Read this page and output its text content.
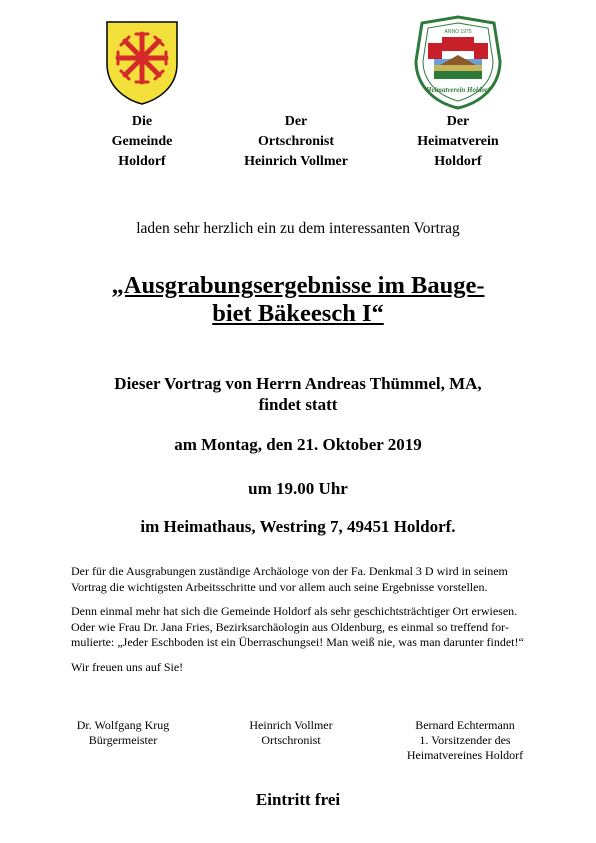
ANNO 1975
Heimatverein Holdorf
Die
Gemeinde
Holdorf
Der
Ortschronist
Heinrich Vollmer
Der
Heimatverein
Holdorf
laden sehr herzlich ein zu dem interessanten Vortrag
„Ausgrabungsergebnisse im Bauge-
biet Bäkeesch I“
Dieser Vortrag von Herrn Andreas Thümmel, MA,
findet statt
am Montag, den 21. Oktober 2019
um 19.00 Uhr
im Heimathaus, Westring 7, 49451 Holdorf.
Der für die Ausgrabungen zuständige Archäologe von der Fa. Denkmal 3 D wird in seinem
Vortrag die wichtigsten Arbeitsschritte und vor allem auch seine Ergebnisse vorstellen.
Denn einmal mehr hat sich die Gemeinde Holdorf als sehr geschichtsträchtiger Ort erwiesen.
Oder wie Frau Dr. Jana Fries, Bezirksarchäologin aus Oldenburg, es einmal so treffend for-
mulierte: „Jeder Eschboden ist ein Überraschungsei! Man weiß nie, was man darunter findet!“
Wir freuen uns auf Sie!
Dr. Wolfgang Krug
Bürgermeister
Heinrich Vollmer
Ortschronist
Bernard Echtermann
1. Vorsitzender des
Heimatvereines Holdorf
Eintritt frei
